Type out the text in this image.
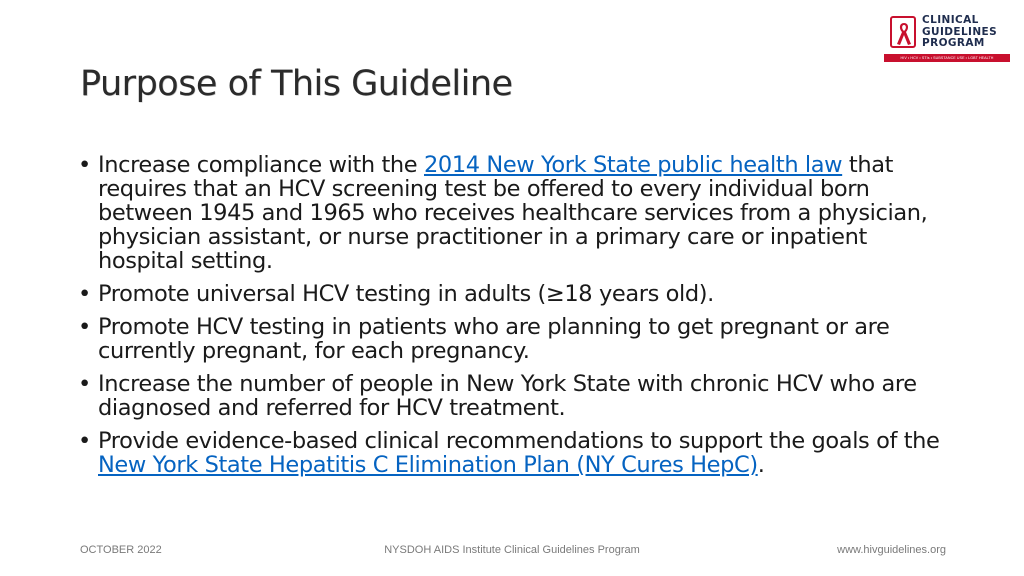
Purpose of This Guideline
CLINICAL
GUIDELINES
PROGRAM
HIV • HCV • STIs • SUBSTANCE USE • LGBT HEALTH
• Increase compliance with the 2014 New York State public health law that requires that an HCV screening test be offered to every individual born between 1945 and 1965 who receives healthcare services from a physician, physician assistant, or nurse practitioner in a primary care or inpatient hospital setting.
• Promote universal HCV testing in adults (≥18 years old).
• Promote HCV testing in patients who are planning to get pregnant or are currently pregnant, for each pregnancy.
• Increase the number of people in New York State with chronic HCV who are diagnosed and referred for HCV treatment.
• Provide evidence-based clinical recommendations to support the goals of the New York State Hepatitis C Elimination Plan (NY Cures HepC).
OCTOBER 2022	NYSDOH AIDS Institute Clinical Guidelines Program	www.hivguidelines.org
